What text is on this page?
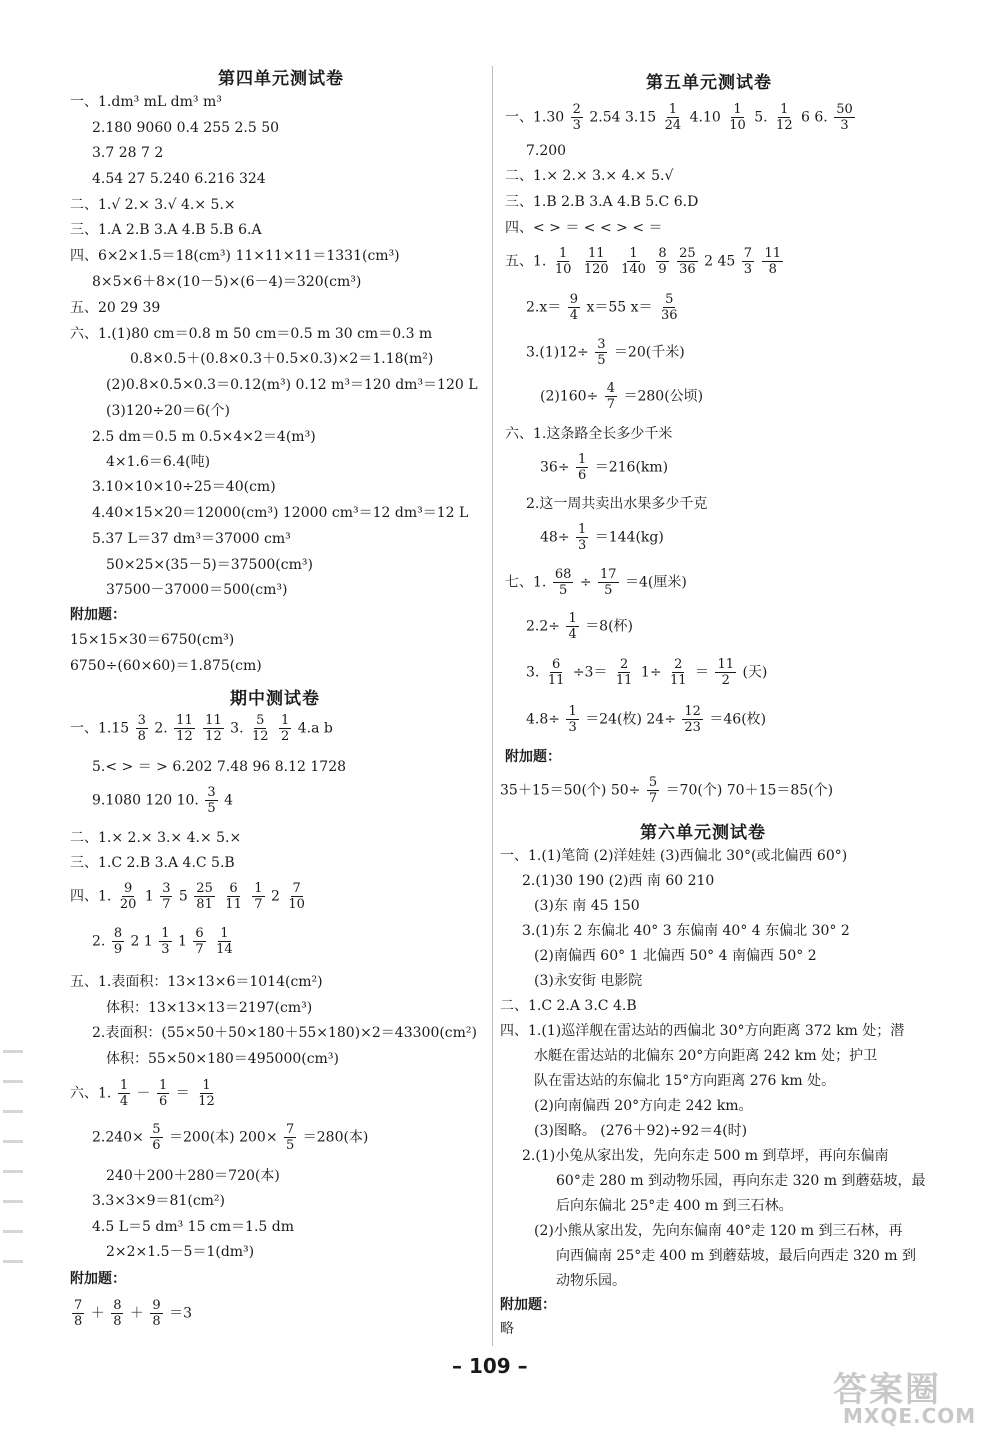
第四单元测试卷
一、1.dm³ mL dm³ m³
2.180 9060 0.4 255 2.5 50
3.7 28 7 2
4.54 27 5.240 6.216 324
二、1.√ 2.× 3.√ 4.× 5.×
三、1.A 2.B 3.A 4.B 5.B 6.A
四、6×2×1.5＝18(cm³) 11×11×11＝1331(cm³)
8×5×6＋8×(10－5)×(6－4)＝320(cm³)
五、20 29 39
六、1.(1)80 cm＝0.8 m 50 cm＝0.5 m 30 cm＝0.3 m
0.8×0.5＋(0.8×0.3＋0.5×0.3)×2＝1.18(m²)
(2)0.8×0.5×0.3＝0.12(m³) 0.12 m³＝120 dm³＝120 L
(3)120÷20＝6(个)
2.5 dm＝0.5 m 0.5×4×2＝4(m³)
4×1.6＝6.4(吨)
3.10×10×10÷25＝40(cm)
4.40×15×20＝12000(cm³) 12000 cm³＝12 dm³＝12 L
5.37 L＝37 dm³＝37000 cm³
50×25×(35－5)＝37500(cm³)
37500－37000＝500(cm³)
附加题：
15×15×30＝6750(cm³)
6750÷(60×60)＝1.875(cm)
期中测试卷
一、$1.15 \frac{3}{8} 2$. $\frac{11}{12}$
$\frac{11}{12} 3$. $\frac{5}{12}$
$\frac{1}{2} 4.a$ b
5.< > ＝ > 6.202 7.48 96 8.12 1728
9.1080 120 10. $\frac{3}{5} 4$
二、1.× 2.× 3.× 4.× 5.×
三、1.C 2.B 3.A 4.C 5.B
四、1. $\frac{9}{20} 1 \frac{3}{7} 5 \frac{25}{81}$
$\frac{6}{11}$
$\frac{1}{7} 2 \frac{7}{10}$
2. $\frac{8}{9} 2$ $1 \frac{1}{3} 1 \frac{6}{7}$
$\frac{1}{14}$
五、1.表面积：13×13×6＝1014(cm²)
体积：13×13×13＝2197(cm³)
2.表面积：(55×50＋50×180＋55×180)×2＝43300(cm²)
体积：55×50×180＝495000(cm³)
六、1. $\frac{1}{4} - \frac{1}{6} = \frac{1}{12}$
$2.240\times \frac{5}{6} =200$(本) $200\times \frac{7}{5} =280$(本)
240＋200＋280＝720(本)
3.3×3×9＝81(cm²)
4.5 L＝5 dm³ 15 cm＝1.5 dm
2×2×1.5－5＝1(dm³)
附加题：
$\frac{7}{8} + \frac{8}{8} + \frac{9}{8} =3$
第五单元测试卷
一、$1.30 \frac{2}{3} 2.54$ $3.15 \frac{1}{24} 4.10 \frac{1}{10} 5$. $\frac{1}{12} 6$ 6. $\frac{50}{3}$
7.200
二、1.× 2.× 3.× 4.× 5.√
三、1.B 2.B 3.A 4.B 5.C 6.D
四、< > ＝ < < > < ＝
五、1. $\frac{1}{10}$
$\frac{11}{120}$
$\frac{1}{140}$
$\frac{8}{9}$
$\frac{25}{36} 2$ $45 \frac{7}{3}$
$\frac{11}{8}$
$2.x= \frac{9}{4} x=55$ $x= \frac{5}{36}$
$3.(1)12\div \frac{3}{5} =20$(千米)
$(2)160\div \frac{4}{7} =280$(公顷)
六、1.这条路全长多少千米
$36\div \frac{1}{6} =216(km)$
2.这一周共卖出水果多少千克
$48\div \frac{1}{3} =144(kg)$
七、1. $\frac{68}{5} \div \frac{17}{5} =4$(厘米)
$2.2\div \frac{1}{4} =8$(杯)
3. $\frac{6}{11} \div 3= \frac{2}{11} 1\div \frac{2}{11} = \frac{11}{2}$ (天)
$4.8\div \frac{1}{3} =24$(枚) $24\div \frac{12}{23} =46$(枚)
附加题：
35＋15＝50(个) $50\div \frac{5}{7} =70$(个) 70＋15＝85(个)
第六单元测试卷
一、1.(1)笔筒 (2)洋娃娃 (3)西偏北 30°(或北偏西 60°)
2.(1)30 190 (2)西 南 60 210
(3)东 南 45 150
3.(1)东 2 东偏北 40° 3 东偏南 40° 4 东偏北 30° 2
(2)南偏西 60° 1 北偏西 50° 4 南偏西 50° 2
(3)永安街 电影院
二、1.C 2.A 3.C 4.B
四、1.(1)巡洋舰在雷达站的西偏北 30°方向距离 372 km 处；潜
水艇在雷达站的北偏东 20°方向距离 242 km 处；护卫
队在雷达站的东偏北 15°方向距离 276 km 处。
(2)向南偏西 20°方向走 242 km。
(3)图略。 (276＋92)÷92＝4(时)
2.(1)小兔从家出发，先向东走 500 m 到草坪，再向东偏南
60°走 280 m 到动物乐园，再向东走 320 m 到蘑菇坡，最
后向东偏北 25°走 400 m 到三石林。
(2)小熊从家出发，先向东偏南 40°走 120 m 到三石林，再
向西偏南 25°走 400 m 到蘑菇坡，最后向西走 320 m 到
动物乐园。
附加题：
略
– 109 –
答案圈
MXQE.COM
